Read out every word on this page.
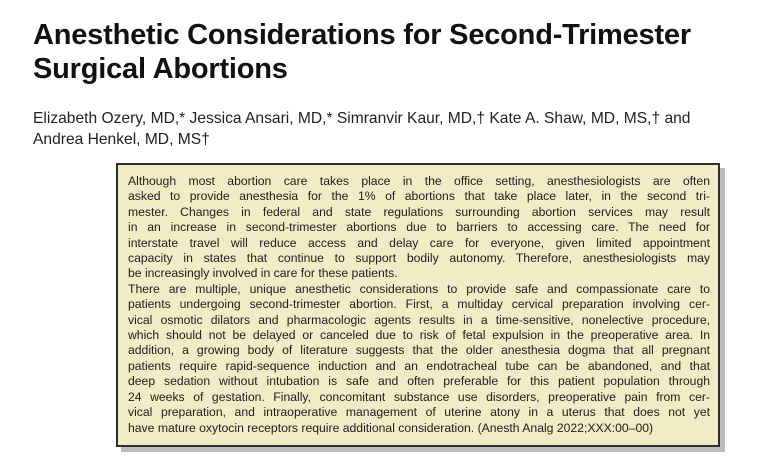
Anesthetic Considerations for Second-Trimester
Surgical Abortions
Elizabeth Ozery, MD,* Jessica Ansari, MD,* Simranvir Kaur, MD,† Kate A. Shaw, MD, MS,† and
Andrea Henkel, MD, MS†

Although most abortion care takes place in the office setting, anesthesiologists are often
asked to provide anesthesia for the 1% of abortions that take place later, in the second tri-
mester. Changes in federal and state regulations surrounding abortion services may result
in an increase in second-trimester abortions due to barriers to accessing care. The need for
interstate travel will reduce access and delay care for everyone, given limited appointment
capacity in states that continue to support bodily autonomy. Therefore, anesthesiologists may
be increasingly involved in care for these patients.

There are multiple, unique anesthetic considerations to provide safe and compassionate care to
patients undergoing second-trimester abortion. First, a multiday cervical preparation involving cer-
vical osmotic dilators and pharmacologic agents results in a time-sensitive, nonelective procedure,
which should not be delayed or canceled due to risk of fetal expulsion in the preoperative area. In
addition, a growing body of literature suggests that the older anesthesia dogma that all pregnant
patients require rapid-sequence induction and an endotracheal tube can be abandoned, and that
deep sedation without intubation is safe and often preferable for this patient population through
24 weeks of gestation. Finally, concomitant substance use disorders, preoperative pain from cer-
vical preparation, and intraoperative management of uterine atony in a uterus that does not yet
have mature oxytocin receptors require additional consideration. (Anesth Analg 2022;XXX:00–00)
